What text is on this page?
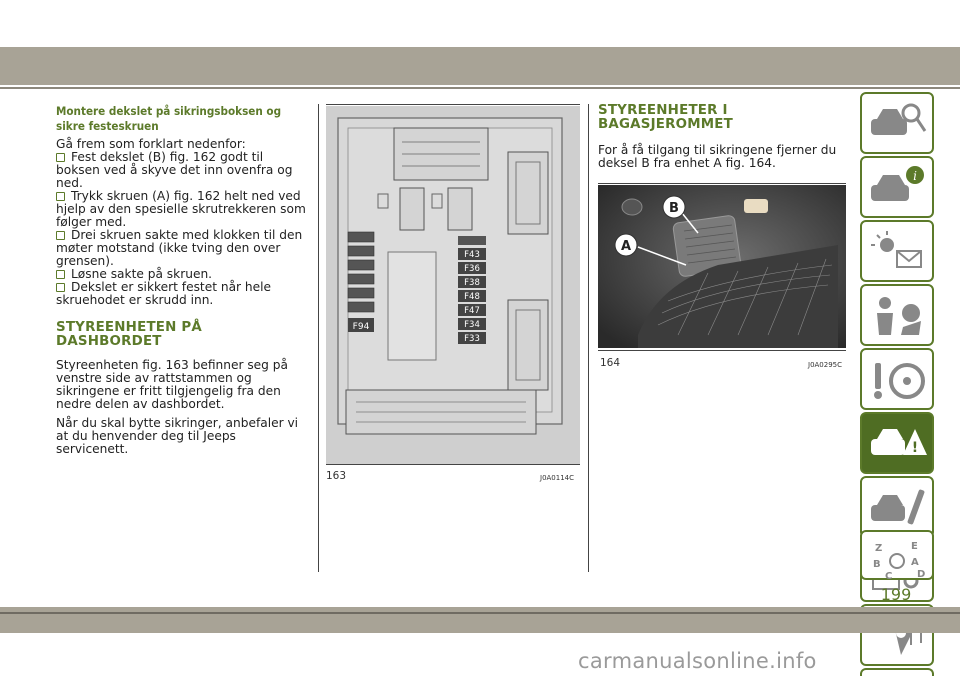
Montere dekslet på sikringsboksen og sikre festeskruen

Gå frem som forklart nedenfor:

Fest dekslet (B) fig. 162 godt til boksen ved å skyve det inn ovenfra og ned.
Trykk skruen (A) fig. 162 helt ned ved hjelp av den spesielle skrutrekkeren som følger med.
Drei skruen sakte med klokken til den møter motstand (ikke tving den over grensen).
Løsne sakte på skruen.
Dekslet er sikkert festet når hele skruehodet er skrudd inn.
STYREENHETEN PÅ DASHBORDET

Styreenheten fig. 163 befinner seg på venstre side av rattstammen og sikringene er fritt tilgjengelig fra den nedre delen av dashbordet.

Når du skal bytte sikringer, anbefaler vi at du henvender deg til Jeeps servicenett.

F94
F43
F36
F38
F48
F47
F34
F33
163	J0A0114C
STYREENHETER I BAGASJEROMMET

For å få tilgang til sikringene fjerner du deksel B fra enhet A fig. 164.

A
B
164	J0A0295C
i
!
Z	E
B	A
C D
199
carmanualsonline.info
